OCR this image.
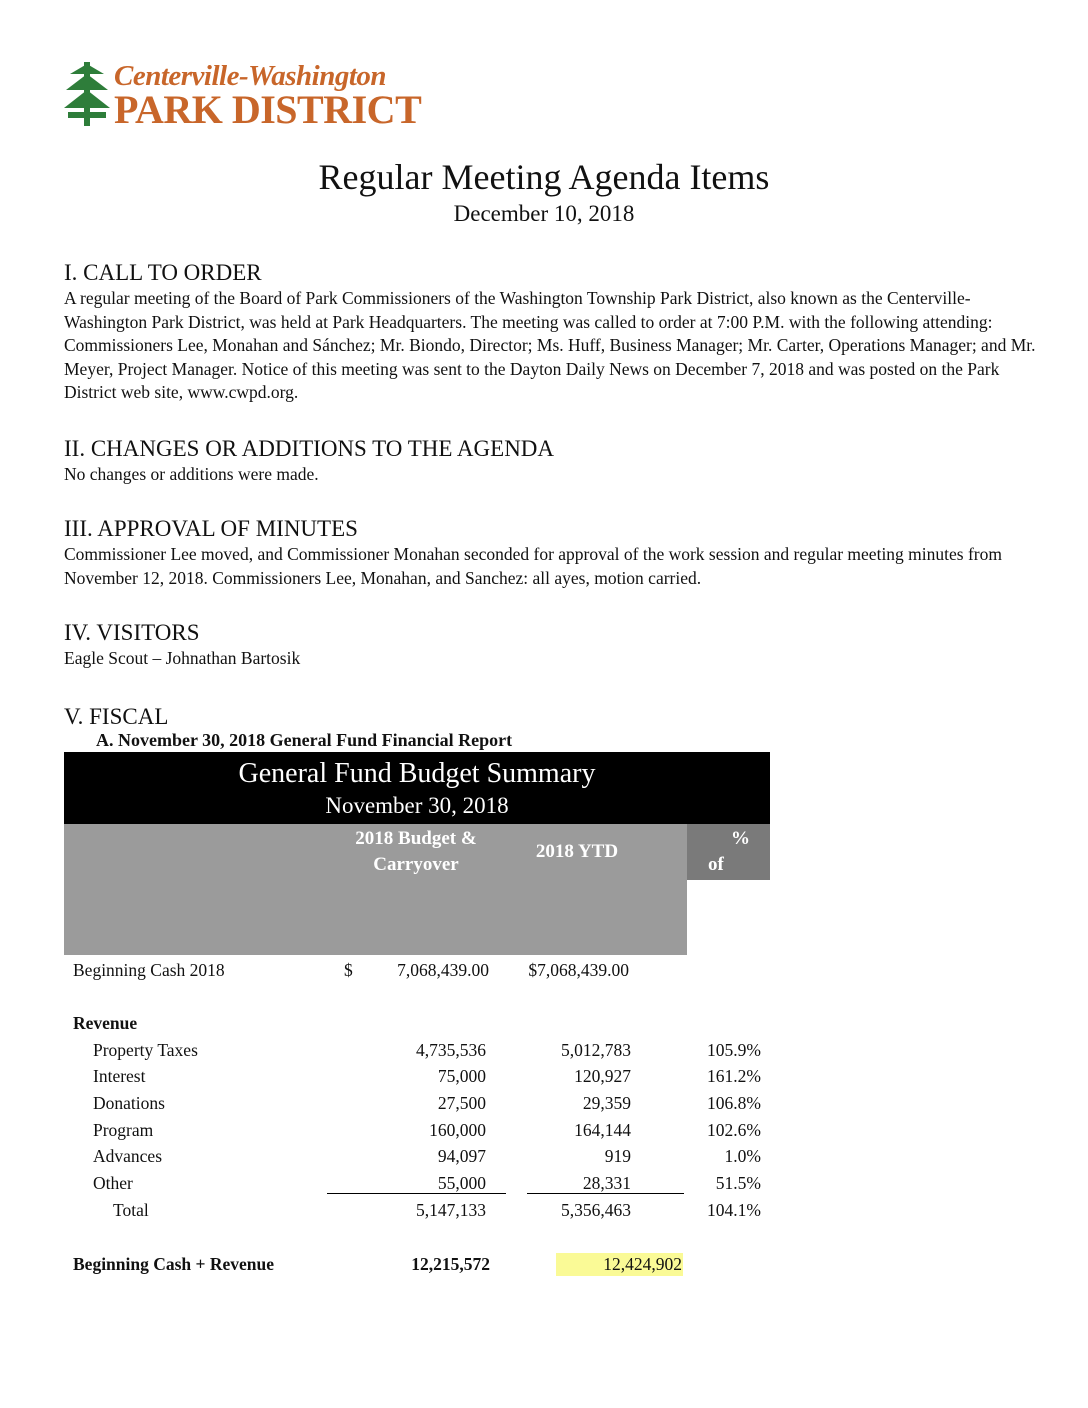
Centerville-Washington
PARK DISTRICT
Regular Meeting Agenda Items
December 10, 2018
I. CALL TO ORDER
A regular meeting of the Board of Park Commissioners of the Washington Township Park District, also known as the Centerville-Washington Park District, was held at Park Headquarters. The meeting was called to order at 7:00 P.M. with the following attending: Commissioners Lee, Monahan and Sánchez; Mr. Biondo, Director; Ms. Huff, Business Manager; Mr. Carter, Operations Manager; and Mr. Meyer, Project Manager. Notice of this meeting was sent to the Dayton Daily News on December 7, 2018 and was posted on the Park District web site, www.cwpd.org.
II. CHANGES OR ADDITIONS TO THE AGENDA
No changes or additions were made.
III. APPROVAL OF MINUTES
Commissioner Lee moved, and Commissioner Monahan seconded for approval of the work session and regular meeting minutes from November 12, 2018. Commissioners Lee, Monahan, and Sanchez: all ayes, motion carried.
IV. VISITORS
Eagle Scout – Johnathan Bartosik
V. FISCAL
A. November 30, 2018 General Fund Financial Report
General Fund Budget Summary
November 30, 2018
2018 Budget &
Carryover
2018 YTD
%
of
Beginning Cash 2018	$	7,068,439.00	$7,068,439.00
Revenue
Property Taxes	4,735,536	5,012,783	105.9%
Interest	75,000	120,927	161.2%
Donations	27,500	29,359	106.8%
Program	160,000	164,144	102.6%
Advances	94,097	919	1.0%
Other	55,000	28,331	51.5%
Total	5,147,133	5,356,463	104.1%
Beginning Cash + Revenue	12,215,572	12,424,902
